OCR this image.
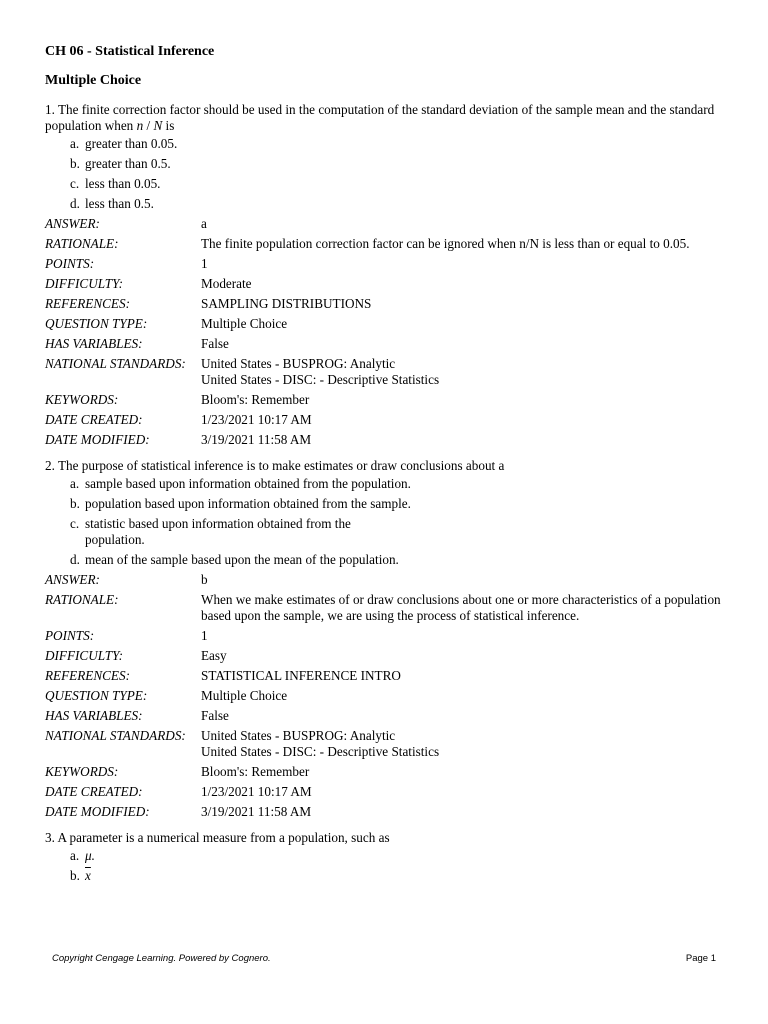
CH 06 - Statistical Inference
Multiple Choice
1. The finite correction factor should be used in the computation of the standard deviation of the sample mean and the standard population when n / N is
a. greater than 0.05.
b. greater than 0.5.
c. less than 0.05.
d. less than 0.5.
ANSWER:	a
RATIONALE:	The finite population correction factor can be ignored when n/N is less than or equal to 0.05.
POINTS:	1
DIFFICULTY:	Moderate
REFERENCES:	SAMPLING DISTRIBUTIONS
QUESTION TYPE:	Multiple Choice
HAS VARIABLES:	False
NATIONAL STANDARDS:	United States - BUSPROG: Analytic
United States - DISC: - Descriptive Statistics
KEYWORDS:	Bloom's: Remember
DATE CREATED:	1/23/2021 10:17 AM
DATE MODIFIED:	3/19/2021 11:58 AM
2. The purpose of statistical inference is to make estimates or draw conclusions about a
a. sample based upon information obtained from the population.
b. population based upon information obtained from the sample.
c. statistic based upon information obtained from the population.
d. mean of the sample based upon the mean of the population.
ANSWER:	b
RATIONALE:	When we make estimates of or draw conclusions about one or more characteristics of a population based upon the sample, we are using the process of statistical inference.
POINTS:	1
DIFFICULTY:	Easy
REFERENCES:	STATISTICAL INFERENCE INTRO
QUESTION TYPE:	Multiple Choice
HAS VARIABLES:	False
NATIONAL STANDARDS:	United States - BUSPROG: Analytic
United States - DISC: - Descriptive Statistics
KEYWORDS:	Bloom's: Remember
DATE CREATED:	1/23/2021 10:17 AM
DATE MODIFIED:	3/19/2021 11:58 AM
3. A parameter is a numerical measure from a population, such as
a. μ.
b. $\overline{x}$
Copyright Cengage Learning. Powered by Cognero.	Page 1
